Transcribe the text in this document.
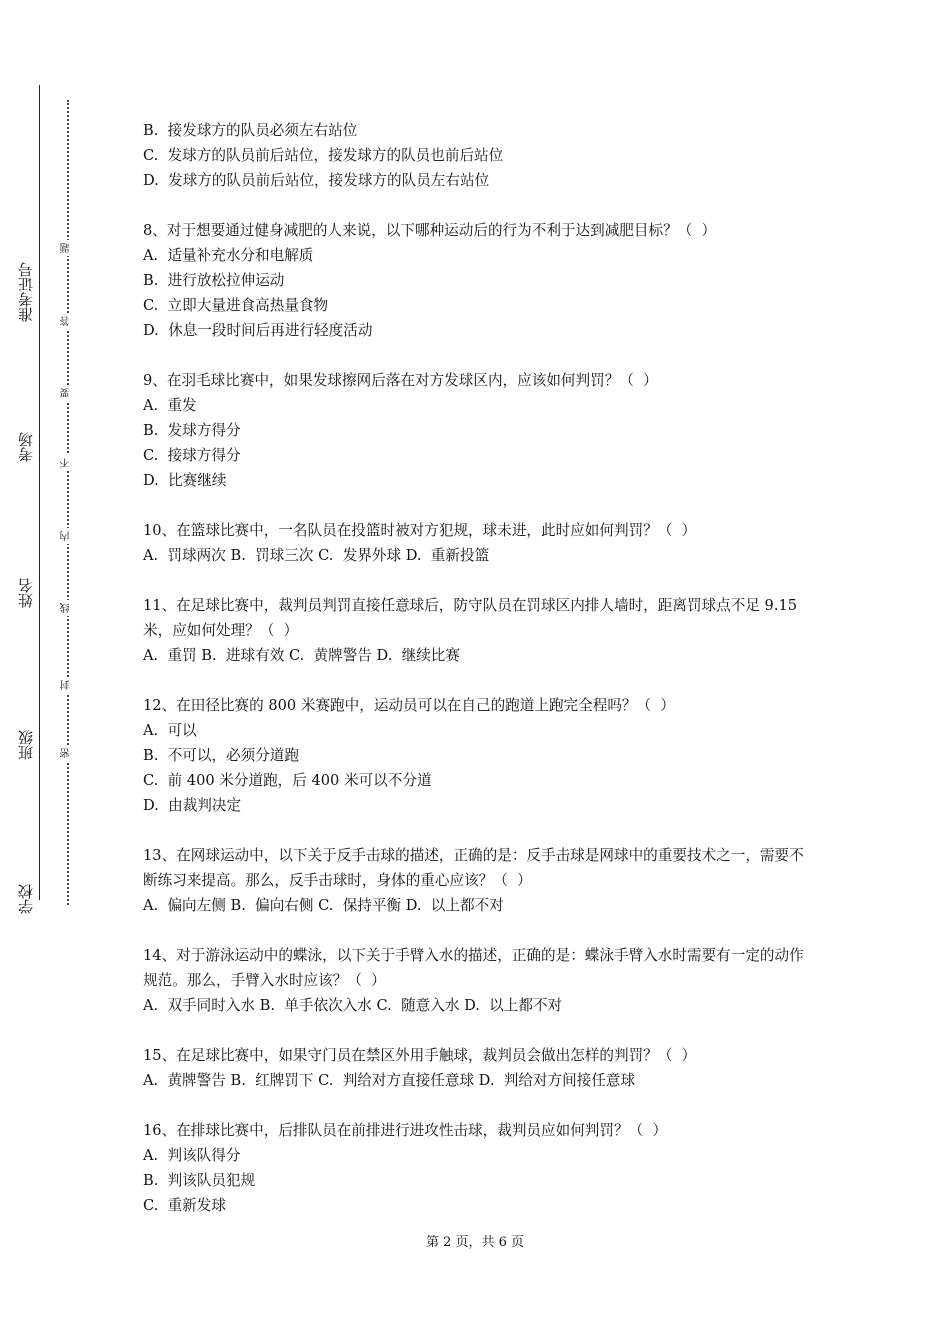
学校
班级
姓名
考场
准考证号
密
封
线
内
不
要
答
题

B.  接发球方的队员必须左右站位

C.  发球方的队员前后站位，接发球方的队员也前后站位

D.  发球方的队员前后站位，接发球方的队员左右站位

8、对于想要通过健身减肥的人来说，以下哪种运动后的行为不利于达到减肥目标？（  ）

A.  适量补充水分和电解质

B.  进行放松拉伸运动

C.  立即大量进食高热量食物

D.  休息一段时间后再进行轻度活动

9、在羽毛球比赛中，如果发球擦网后落在对方发球区内，应该如何判罚？（  ）

A.  重发

B.  发球方得分

C.  接球方得分

D.  比赛继续

10、在篮球比赛中，一名队员在投篮时被对方犯规，球未进，此时应如何判罚？（  ）

A.  罚球两次 B.  罚球三次 C.  发界外球 D.  重新投篮

11、在足球比赛中，裁判员判罚直接任意球后，防守队员在罚球区内排人墙时，距离罚球点不足 9.15 米，应如何处理？（  ）

A.  重罚 B.  进球有效 C.  黄牌警告 D.  继续比赛

12、在田径比赛的 800 米赛跑中，运动员可以在自己的跑道上跑完全程吗？（  ）

A.  可以

B.  不可以，必须分道跑

C.  前 400 米分道跑，后 400 米可以不分道

D.  由裁判决定

13、在网球运动中，以下关于反手击球的描述，正确的是：反手击球是网球中的重要技术之一，需要不断练习来提高。那么，反手击球时，身体的重心应该？（  ）

A.  偏向左侧 B.  偏向右侧 C.  保持平衡 D.  以上都不对

14、对于游泳运动中的蝶泳，以下关于手臂入水的描述，正确的是：蝶泳手臂入水时需要有一定的动作规范。那么，手臂入水时应该？（  ）

A.  双手同时入水 B.  单手依次入水 C.  随意入水 D.  以上都不对

15、在足球比赛中，如果守门员在禁区外用手触球，裁判员会做出怎样的判罚？（  ）

A.  黄牌警告 B.  红牌罚下 C.  判给对方直接任意球 D.  判给对方间接任意球

16、在排球比赛中，后排队员在前排进行进攻性击球，裁判员应如何判罚？（  ）

A.  判该队得分

B.  判该队员犯规

C.  重新发球

第 2 页，共 6 页
